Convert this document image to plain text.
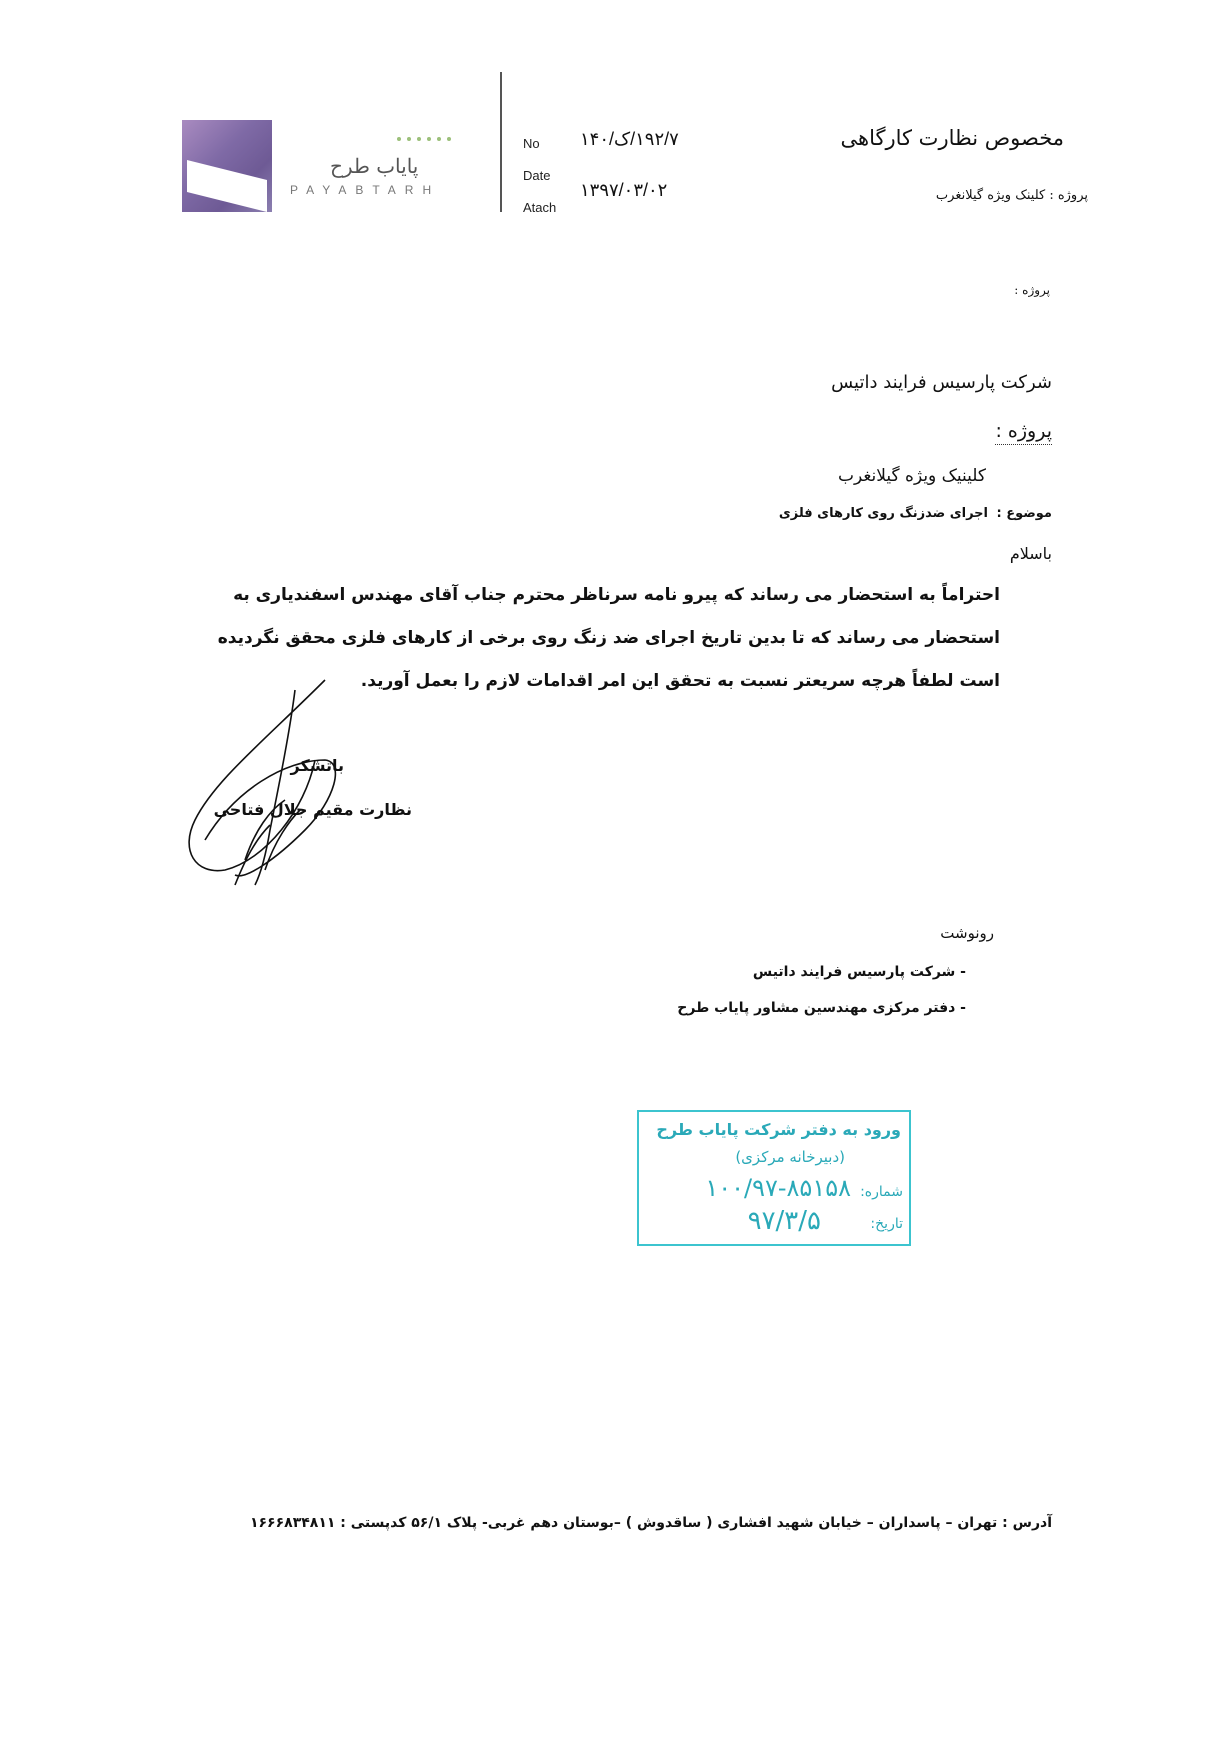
پایاب طرح
PAYABTARH
No
Date
Atach
۱۹۲/۷/ک/۱۴۰
۱۳۹۷/۰۳/۰۲
مخصوص نظارت کارگاهی
پروژه : کلینک ویژه گیلانغرب
پروژه :
شرکت پارسیس فرایند داتیس
پروژه :
کلینیک ویژه گیلانغرب
موضوع :
اجرای ضدزنگ روی کارهای فلزی
باسلام
احتراماً به استحضار می رساند که پیرو نامه سرناظر محترم جناب آقای مهندس اسفندیاری به
استحضار می رساند که تا بدین تاریخ اجرای ضد زنگ روی برخی از کارهای فلزی محقق نگردیده
است لطفاً هرچه سریعتر نسبت به تحقق این امر اقدامات لازم را بعمل آورید.
باتشکر
نظارت مقیم جلال فتاحی
رونوشت
- شرکت پارسیس فرایند داتیس
- دفتر مرکزی مهندسین مشاور پایاب طرح
ورود به دفتر شرکت پایاب طرح
(دبیرخانه مرکزی)
شماره:
۱۰۰/۹۷-۸۵۱۵۸
تاریخ:
۹۷/۳/۵
آدرس : تهران – پاسداران – خیابان شهید افشاری ( ساقدوش ) –بوستان دهم غربی- پلاک ۵۶/۱ کدپستی : ۱۶۶۶۸۳۴۸۱۱
